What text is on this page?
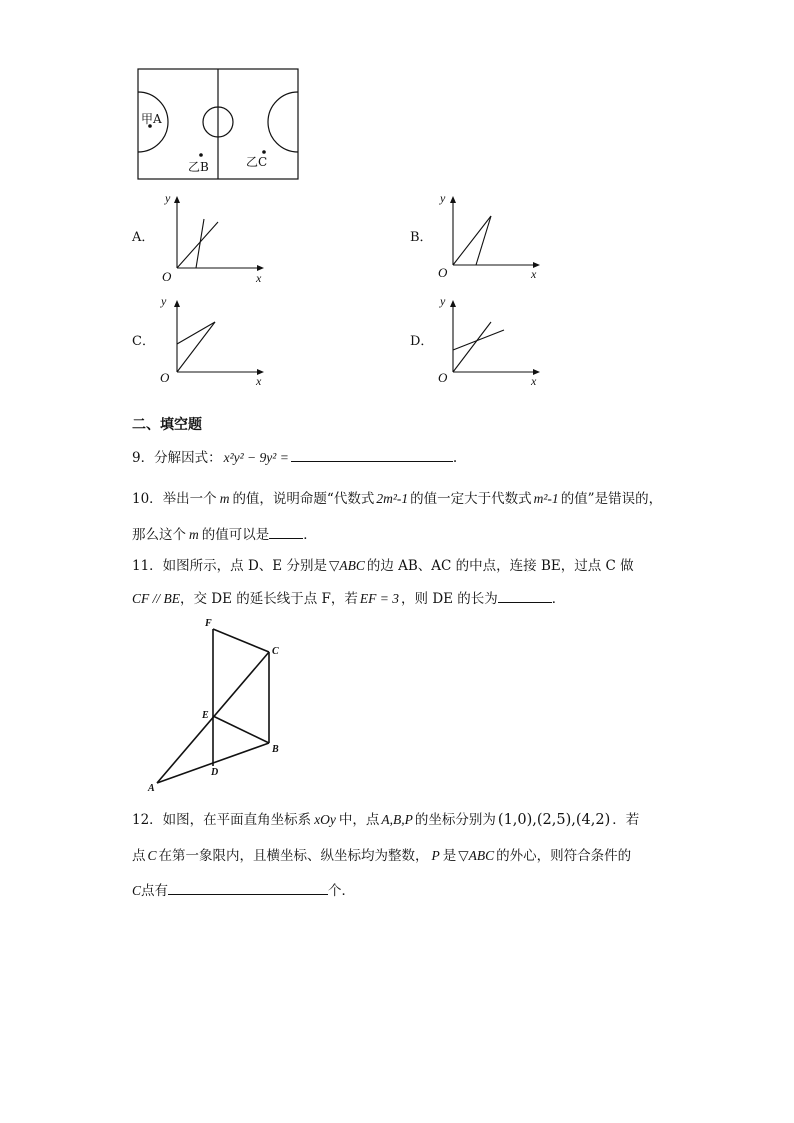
甲A
乙B	乙C
A．
y
O	x
B．
y
O	x
C．
y
O	x
D．
y
O	x
二、填空题
9．分解因式： x²y² − 9y² =	.
10．举出一个 m 的值，说明命题“代数式 2m²-1 的值一定大于代数式 m²-1 的值”是错误的，
那么这个 m 的值可以是	．
11．如图所示，点 D、E 分别是 ▽ABC 的边 AB、AC 的中点，连接 BE，过点 C 做
CF // BE，交 DE 的延长线于点 F，若 EF = 3 ，则 DE 的长为	．
F
C
E
B
D
A
12．如图，在平面直角坐标系 xOy 中，点 A,B,P 的坐标分别为 (1,0),(2,5),(4,2) ．若
点 C 在第一象限内，且横坐标、纵坐标均为整数， P 是 ▽ABC 的外心，则符合条件的
C点有	个．
